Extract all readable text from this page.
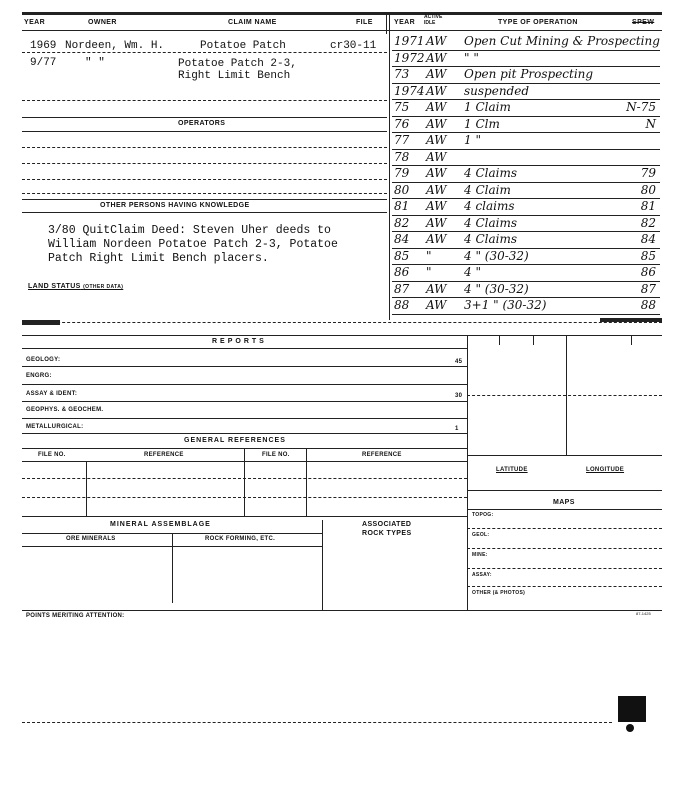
YEAR	OWNER	CLAIM NAME	FILE	YEAR
ACTIVE
IDLE	TYPE OF OPERATION	SPEW
1969 Nordeen, Wm. H.	Potatoe Patch	cr30-11
9/77	" "	Potatoe Patch 2-3,
Right Limit Bench
OPERATORS
OTHER PERSONS HAVING KNOWLEDGE
3/80 QuitClaim Deed: Steven Uher deeds to William Nordeen Potatoe Patch 2-3, Potatoe Patch Right Limit Bench placers.
LAND STATUS (OTHER DATA)
1971 AW Open Cut Mining & Prospecting
1972 AW " "
73 AW Open pit Prospecting
1974 AW suspended
75 AW 1 Claim	N-75
76 AW 1 Clm	N
77 AW 1 "
78 AW
79 AW 4 Claims	79
80 AW 4 Claim	80
81 AW 4 claims	81
82 AW 4 Claims	82
84 AW 4 Claims	84
85 "	4 " (30-32)	85
86 "	4 "	86
87 AW 4 " (30-32)	87
88 AW 3+1 " (30-32)	88
REPORTS
GEOLOGY:	45
ENGRG:
ASSAY & IDENT:	30
GEOPHYS. & GEOCHEM.
METALLURGICAL:	1
GENERAL REFERENCES
FILE NO.	REFERENCE	FILE NO.	REFERENCE
LATITUDE	LONGITUDE
MAPS
TOPOG:
GEOL:
MINE:
ASSAY:
OTHER (& PHOTOS)
MINERAL ASSEMBLAGE	ASSOCIATED
ROCK TYPES
ORE MINERALS	ROCK FORMING, ETC.
POINTS MERITING ATTENTION:	87-1425
